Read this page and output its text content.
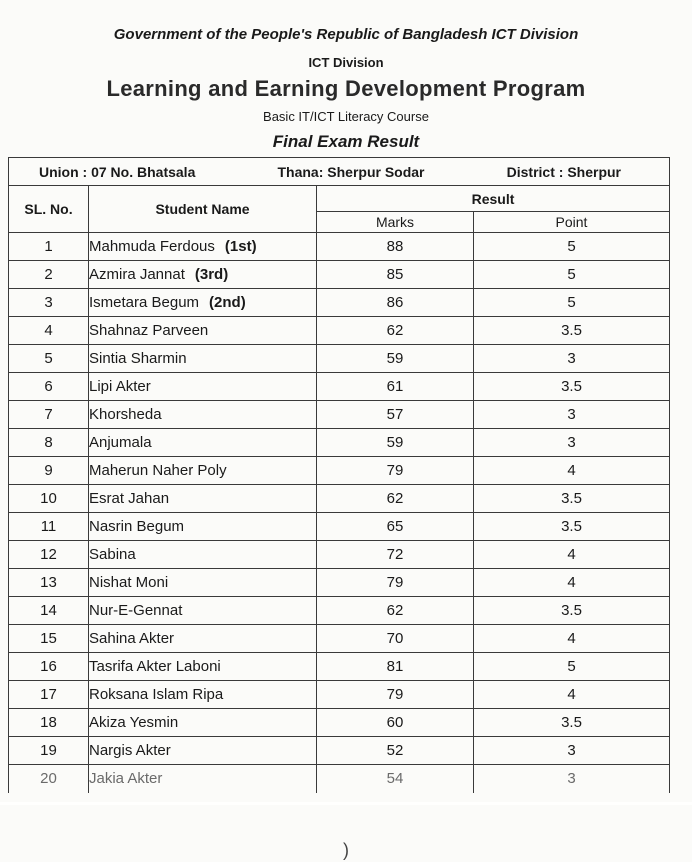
Government of the People's Republic of Bangladesh ICT Division
ICT Division
Learning and Earning Development Program
Basic IT/ICT Literacy Course
Final Exam Result
Union : 07 No. Bhatsala Thana: Sherpur Sodar District : Sherpur			

SL. No.	Student Name	Result	
		Marks	Point
1	Mahmuda Ferdous (1st)	88	5
2	Azmira Jannat (3rd)	85	5
3	Ismetara Begum (2nd)	86	5
4	Shahnaz Parveen	62	3.5
5	Sintia Sharmin	59	3
6	Lipi Akter	61	3.5
7	Khorsheda	57	3
8	Anjumala	59	3
9	Maherun Naher Poly	79	4
10	Esrat Jahan	62	3.5
11	Nasrin Begum	65	3.5
12	Sabina	72	4
13	Nishat Moni	79	4
14	Nur-E-Gennat	62	3.5
15	Sahina Akter	70	4
16	Tasrifa Akter Laboni	81	5
17	Roksana Islam Ripa	79	4
18	Akiza Yesmin	60	3.5
19	Nargis Akter	52	3
20	Jakia Akter	54	3
)
